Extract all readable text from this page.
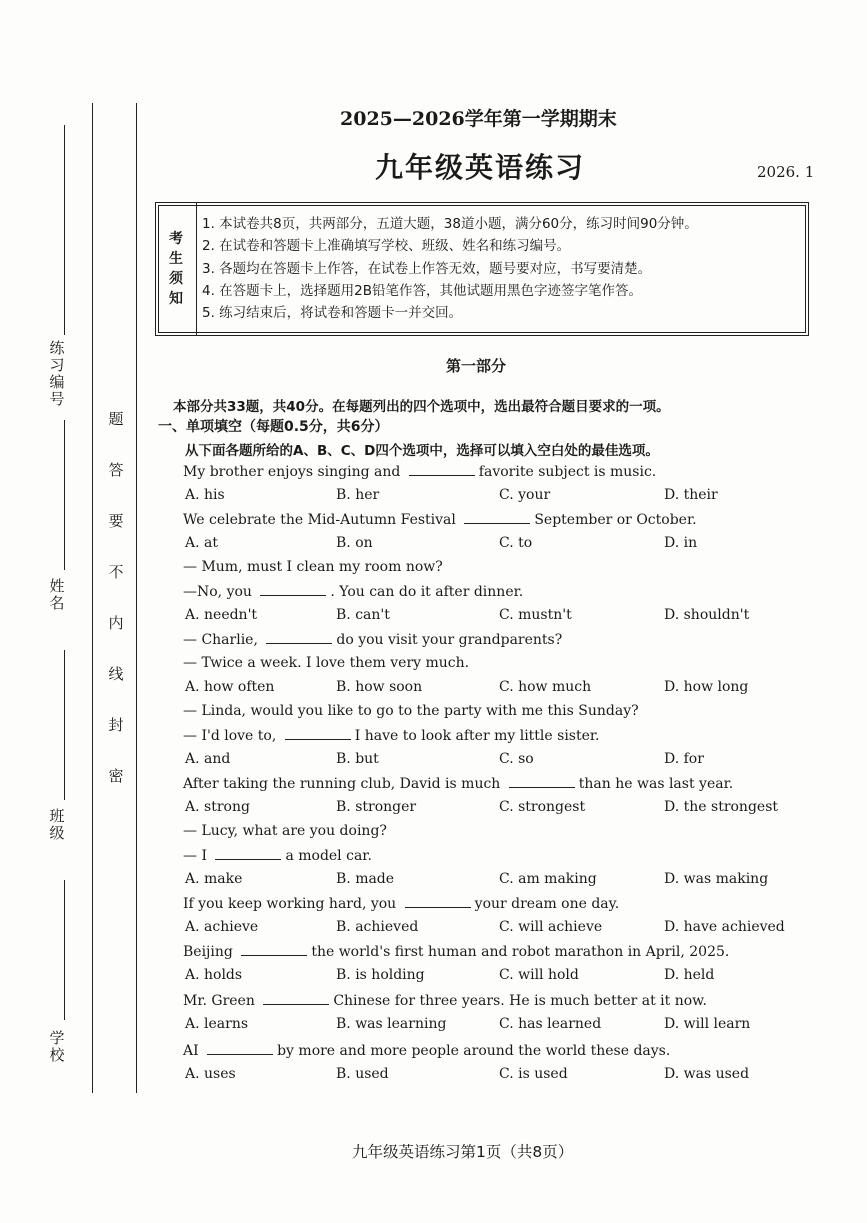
练习编号
姓名
班级
学校
题
答
要
不
内
线
封
密
2025—2026学年第一学期期末
九年级英语练习	2026. 1
考
生
须
知
1. 本试卷共8页，共两部分，五道大题，38道小题，满分60分，练习时间90分钟。
2. 在试卷和答题卡上准确填写学校、班级、姓名和练习编号。
3. 各题均在答题卡上作答，在试卷上作答无效，题号要对应，书写要清楚。
4. 在答题卡上，选择题用2B铅笔作答，其他试题用黑色字迹签字笔作答。
5. 练习结束后，将试卷和答题卡一并交回。
第一部分
本部分共33题，共40分。在每题列出的四个选项中，选出最符合题目要求的一项。
一、单项填空（每题0.5分，共6分）
从下面各题所给的A、B、C、D四个选项中，选择可以填入空白处的最佳选项。
My brother enjoys singing and	favorite subject is music.
A. his	B. her	C. your	D. their
We celebrate the Mid-Autumn Festival	September or October.
A. at	B. on	C. to	D. in
— Mum, must I clean my room now?
—No, you	. You can do it after dinner.
A. needn't	B. can't	C. mustn't	D. shouldn't
— Charlie,	do you visit your grandparents?
— Twice a week. I love them very much.
A. how often	B. how soon	C. how much	D. how long
— Linda, would you like to go to the party with me this Sunday?
— I'd love to,	I have to look after my little sister.
A. and	B. but	C. so	D. for
After taking the running club, David is much	than he was last year.
A. strong	B. stronger	C. strongest	D. the strongest
— Lucy, what are you doing?
— I	a model car.
A. make	B. made	C. am making	D. was making
If you keep working hard, you	your dream one day.
A. achieve	B. achieved	C. will achieve	D. have achieved
Beijing	the world's first human and robot marathon in April, 2025.
A. holds	B. is holding	C. will hold	D. held
Mr. Green	Chinese for three years. He is much better at it now.
A. learns	B. was learning	C. has learned	D. will learn
AI	by more and more people around the world these days.
A. uses	B. used	C. is used	D. was used
九年级英语练习第1页（共8页）
